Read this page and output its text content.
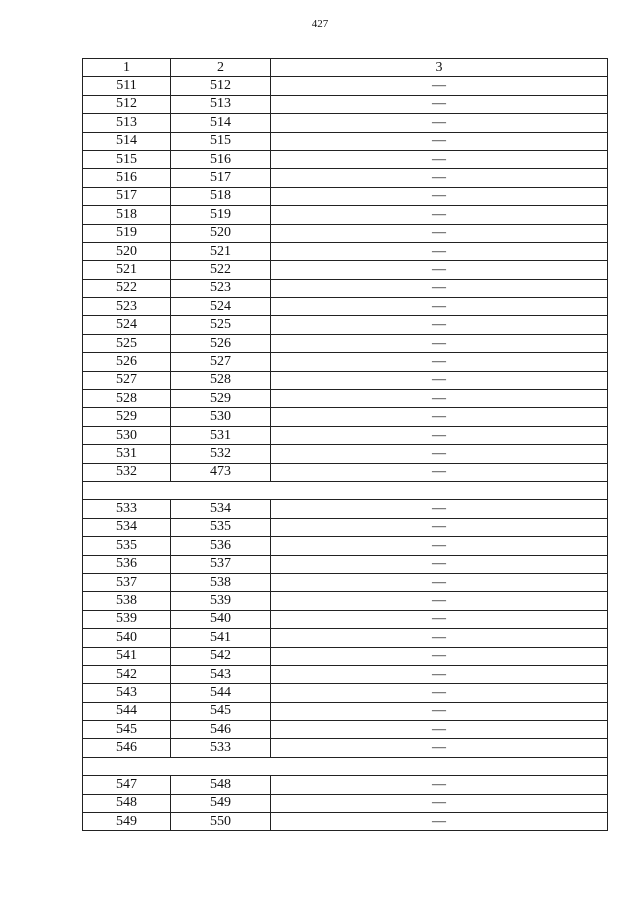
427
1	2	3
511	512	—
512	513	—
513	514	—
514	515	—
515	516	—
516	517	—
517	518	—
518	519	—
519	520	—
520	521	—
521	522	—
522	523	—
523	524	—
524	525	—
525	526	—
526	527	—
527	528	—
528	529	—
529	530	—
530	531	—
531	532	—
532	473	—

533	534	—
534	535	—
535	536	—
536	537	—
537	538	—
538	539	—
539	540	—
540	541	—
541	542	—
542	543	—
543	544	—
544	545	—
545	546	—
546	533	—

547	548	—
548	549	—
549	550	—
